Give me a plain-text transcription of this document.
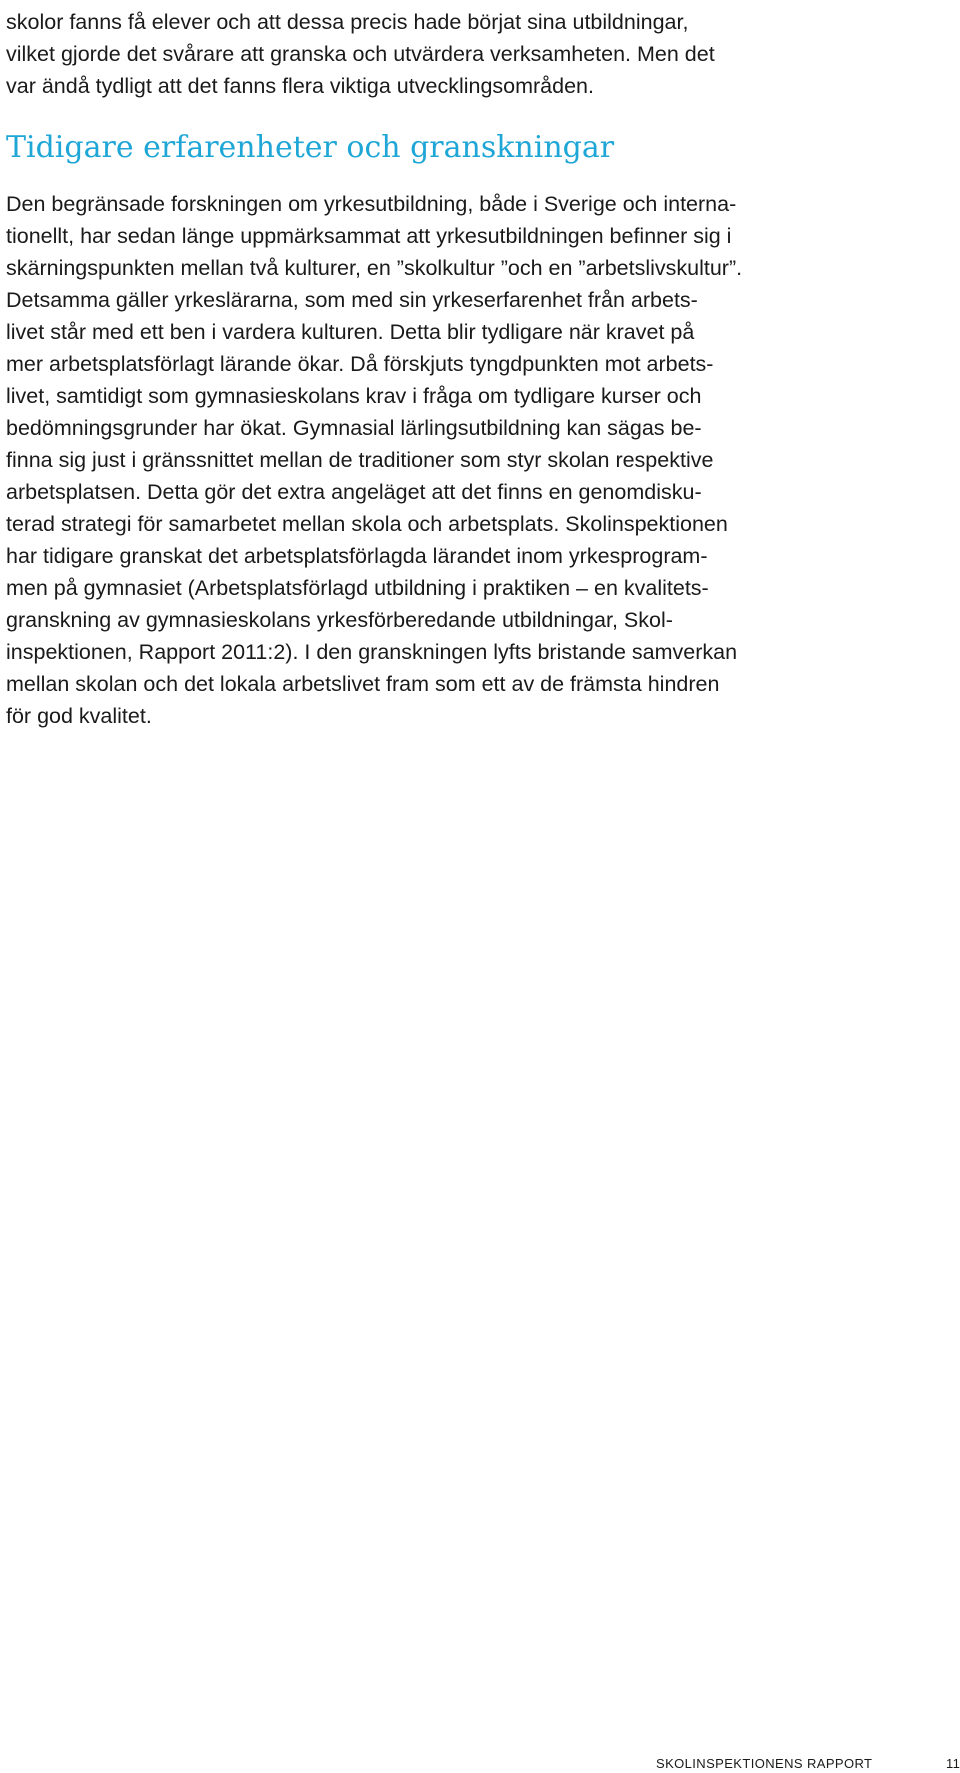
skolor fanns få elever och att dessa precis hade börjat sina utbildningar,
vilket gjorde det svårare att granska och utvärdera verksamheten. Men det
var ändå tydligt att det fanns flera viktiga utvecklingsområden.

Tidigare erfarenheter och granskningar

Den begränsade forskningen om yrkesutbildning, både i Sverige och interna-
tionellt, har sedan länge uppmärksammat att yrkesutbildningen befinner sig i
skärningspunkten mellan två kulturer, en ”skolkultur ”och en ”arbetslivskultur”.
Detsamma gäller yrkeslärarna, som med sin yrkeserfarenhet från arbets-
livet står med ett ben i vardera kulturen. Detta blir tydligare när kravet på
mer arbetsplatsförlagt lärande ökar. Då förskjuts tyngdpunkten mot arbets-
livet, samtidigt som gymnasieskolans krav i fråga om tydligare kurser och
bedömningsgrunder har ökat. Gymnasial lärlingsutbildning kan sägas be-
finna sig just i gränssnittet mellan de traditioner som styr skolan respektive
arbetsplatsen. Detta gör det extra angeläget att det finns en genomdisku-
terad strategi för samarbetet mellan skola och arbetsplats. Skolinspektionen
har tidigare granskat det arbetsplatsförlagda lärandet inom yrkesprogram-
men på gymnasiet (Arbetsplatsförlagd utbildning i praktiken – en kvalitets-
granskning av gymnasieskolans yrkesförberedande utbildningar, Skol-
inspektionen, Rapport 2011:2). I den granskningen lyfts bristande samverkan
mellan skolan och det lokala arbetslivet fram som ett av de främsta hindren
för god kvalitet.

SKOLINSPEKTIONENS RAPPORT	11
